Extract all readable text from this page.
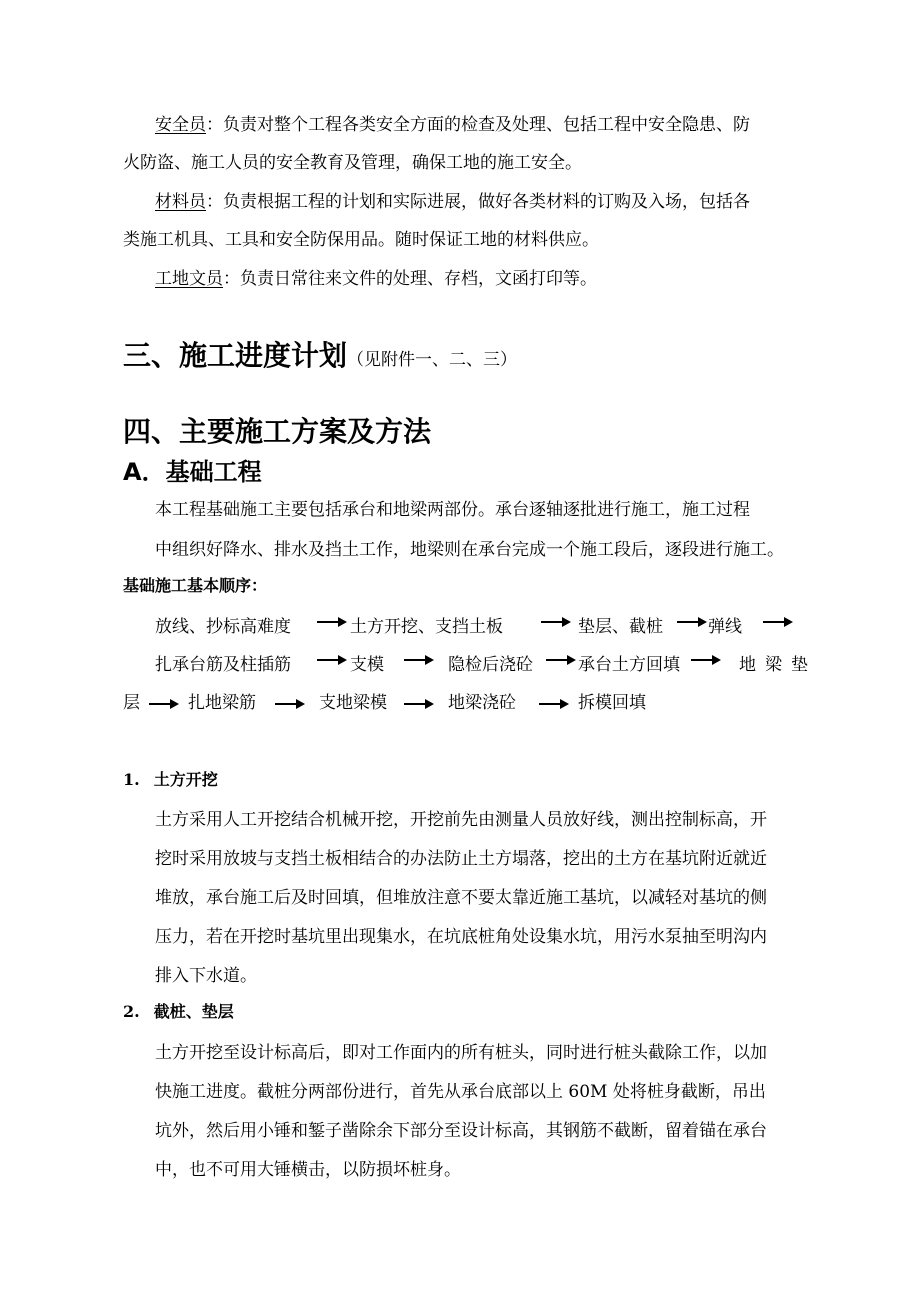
安全员：负责对整个工程各类安全方面的检查及处理、包括工程中安全隐患、防
火防盗、施工人员的安全教育及管理，确保工地的施工安全。
材料员：负责根据工程的计划和实际进展，做好各类材料的订购及入场，包括各
类施工机具、工具和安全防保用品。随时保证工地的材料供应。
工地文员：负责日常往来文件的处理、存档，文函打印等。
三、施工进度计划（见附件一、二、三）
四、主要施工方案及方法
A．基础工程
本工程基础施工主要包括承台和地梁两部份。承台逐轴逐批进行施工，施工过程
中组织好降水、排水及挡土工作，地梁则在承台完成一个施工段后，逐段进行施工。
基础施工基本顺序：
放线、抄标高难度	土方开挖、支挡土板	垫层、截桩	弹线
扎承台筋及柱插筋	支模	隐检后浇砼	承台土方回填	地 梁 垫
层	扎地梁筋	支地梁模	地梁浇砼	拆模回填
1. 土方开挖
土方采用人工开挖结合机械开挖，开挖前先由测量人员放好线，测出控制标高，开
挖时采用放坡与支挡土板相结合的办法防止土方塌落，挖出的土方在基坑附近就近
堆放，承台施工后及时回填，但堆放注意不要太靠近施工基坑，以减轻对基坑的侧
压力，若在开挖时基坑里出现集水，在坑底桩角处设集水坑，用污水泵抽至明沟内
排入下水道。
2. 截桩、垫层
土方开挖至设计标高后，即对工作面内的所有桩头，同时进行桩头截除工作，以加
快施工进度。截桩分两部份进行，首先从承台底部以上 60M 处将桩身截断，吊出
坑外，然后用小锤和錾子凿除余下部分至设计标高，其钢筋不截断，留着锚在承台
中，也不可用大锤横击，以防损坏桩身。
